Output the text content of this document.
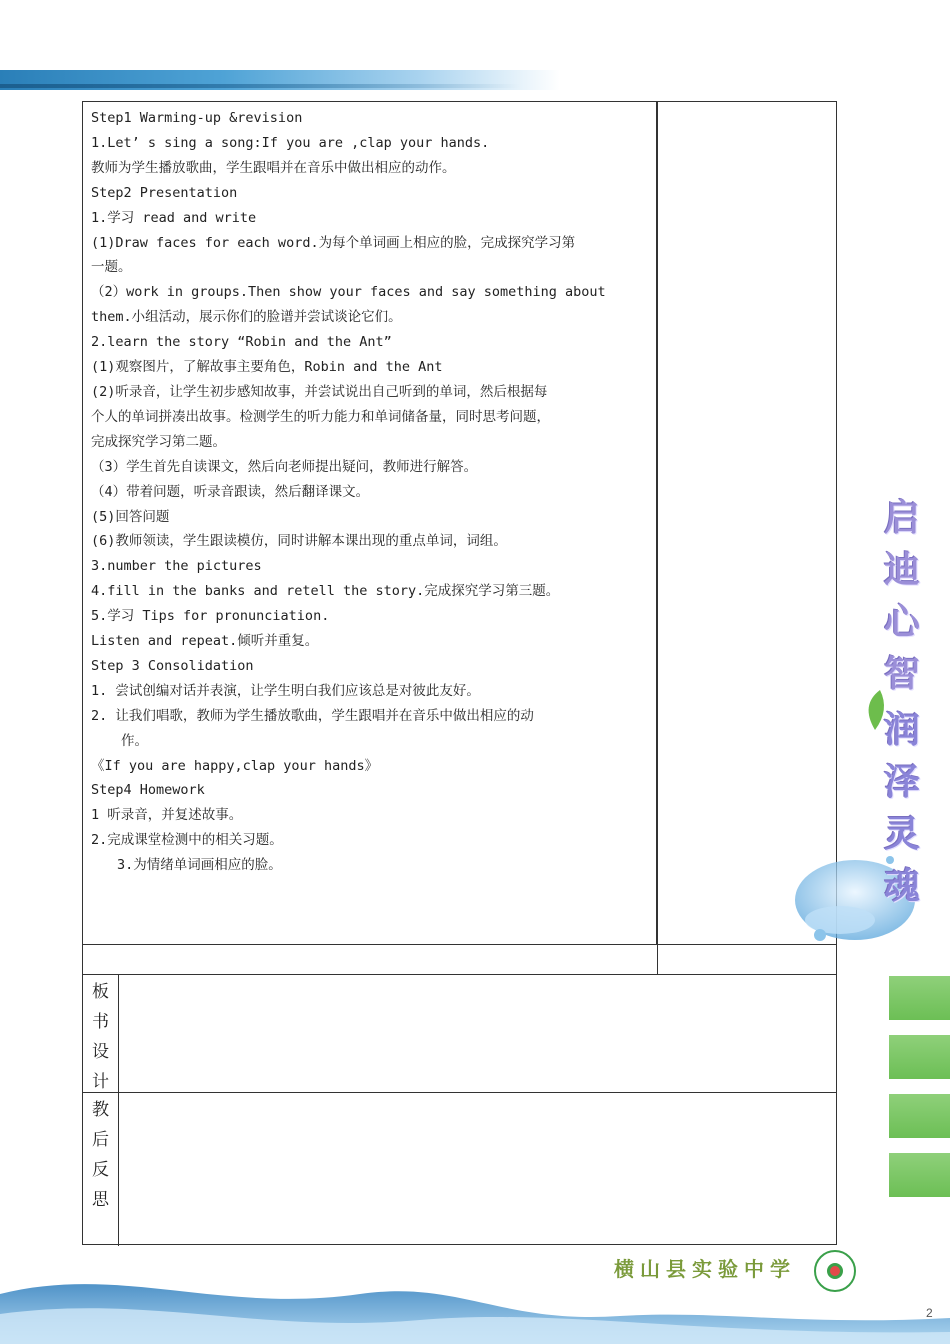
Step1 Warming-up &revision
1.Let’ s sing a song:If you are ,clap your hands.
教师为学生播放歌曲，学生跟唱并在音乐中做出相应的动作。
Step2 Presentation
1.学习 read and write
(1)Draw faces for each word.为每个单词画上相应的脸，完成探究学习第
一题。
（2）work in groups.Then show your faces and say something about
them.小组活动，展示你们的脸谱并尝试谈论它们。
2.learn the story “Robin and the Ant”
(1)观察图片，了解故事主要角色，Robin and the Ant
(2)听录音，让学生初步感知故事，并尝试说出自己听到的单词，然后根据每
个人的单词拼凑出故事。检测学生的听力能力和单词储备量，同时思考问题，
完成探究学习第二题。
（3）学生首先自读课文，然后向老师提出疑问，教师进行解答。
（4）带着问题，听录音跟读，然后翻译课文。
(5)回答问题
(6)教师领读，学生跟读模仿，同时讲解本课出现的重点单词，词组。
3.number the pictures
4.fill in the banks and retell the story.完成探究学习第三题。
5.学习 Tips for pronunciation.
Listen and repeat.倾听并重复。
Step 3 Consolidation
1. 尝试创编对话并表演，让学生明白我们应该总是对彼此友好。
2. 让我们唱歌，教师为学生播放歌曲，学生跟唱并在音乐中做出相应的动
作。
《If you are happy,clap your hands》
Step4 Homework
1 听录音，并复述故事。
2.完成课堂检测中的相关习题。
3.为情绪单词画相应的脸。
板
书
设
计
教
后
反
思
启
迪
心
智
润
泽
灵
魂
横山县实验中学
2
